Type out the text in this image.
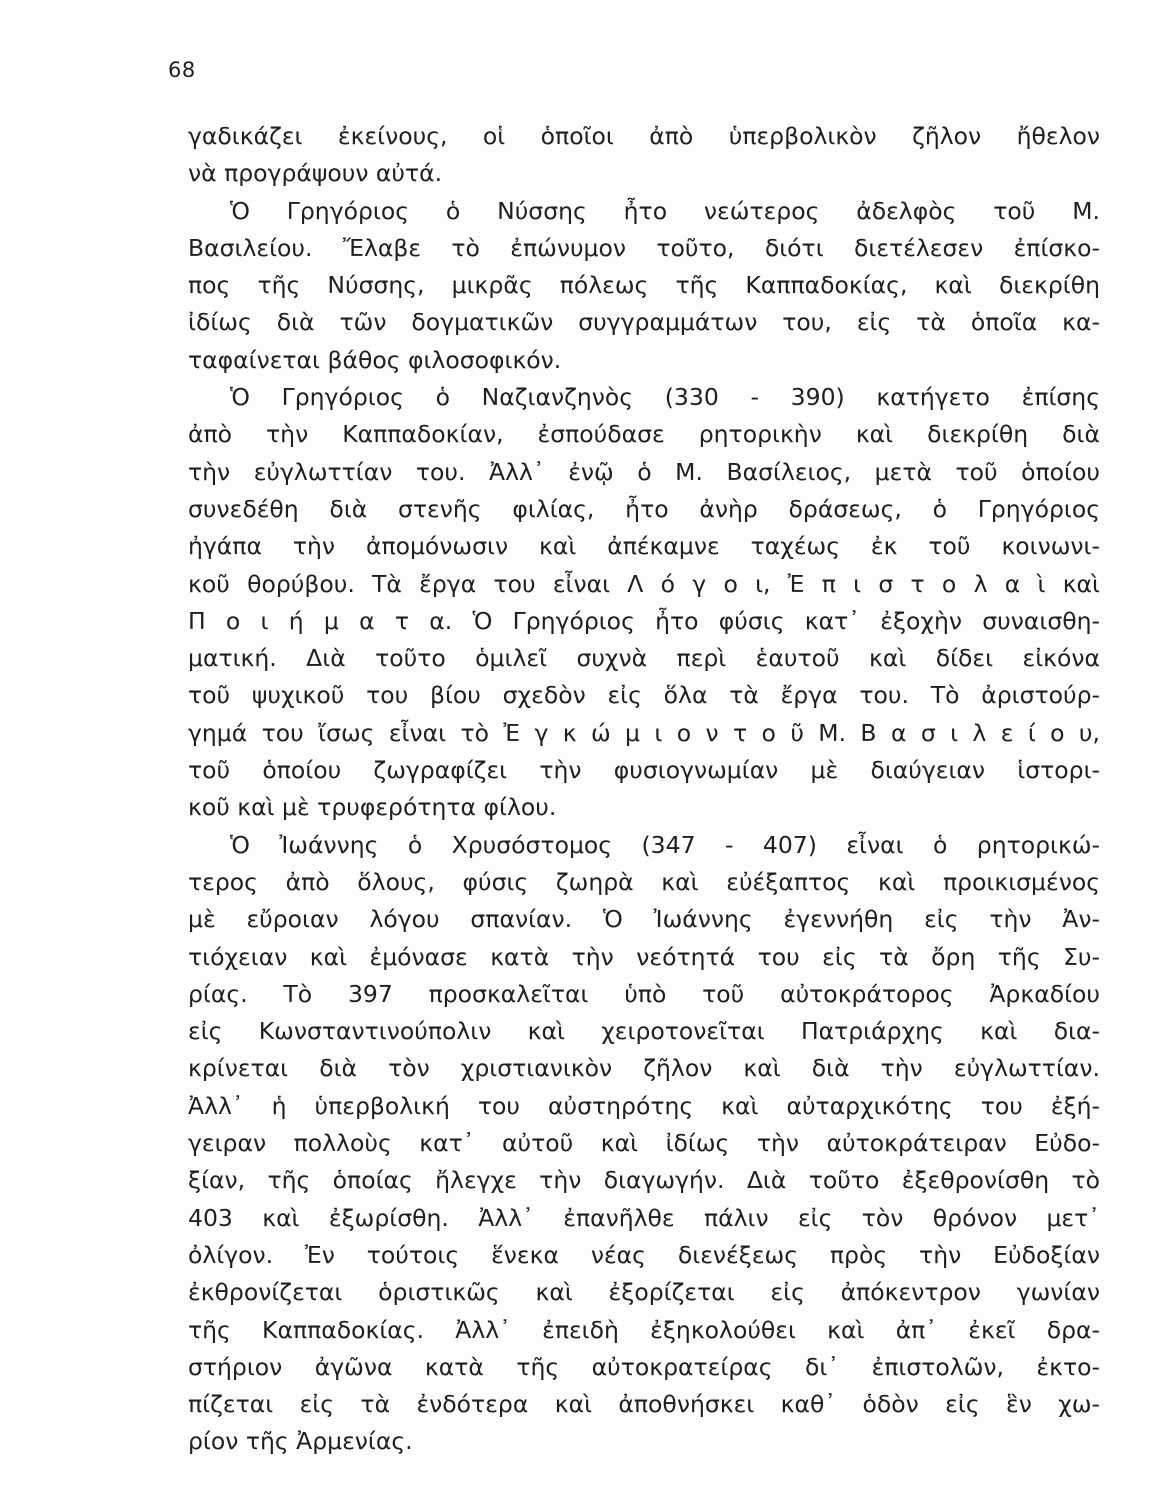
68
γαδικάζει ἐκείνους, οἱ ὁποῖοι ἀπὸ ὑπερβολικὸν ζῆλον ἤθελον
νὰ προγράψουν αὐτά.
Ὁ Γρηγόριος ὁ Νύσσης ἦτο νεώτερος ἀδελφὸς τοῦ Μ.
Βασιλείου. Ἔλαβε τὸ ἐπώνυμον τοῦτο, διότι διετέλεσεν ἐπίσκο-
πος τῆς Νύσσης, μικρᾶς πόλεως τῆς Καππαδοκίας, καὶ διεκρίθη
ἰδίως διὰ τῶν δογματικῶν συγγραμμάτων του, εἰς τὰ ὁποῖα κα-
ταφαίνεται βάθος φιλοσοφικόν.
Ὁ Γρηγόριος ὁ Ναζιανζηνὸς (330 - 390) κατήγετο ἐπίσης
ἀπὸ τὴν Καππαδοκίαν, ἐσπούδασε ρητορικὴν καὶ διεκρίθη διὰ
τὴν εὐγλωττίαν του. Ἀλλ᾽ ἐνῷ ὁ Μ. Βασίλειος, μετὰ τοῦ ὁποίου
συνεδέθη διὰ στενῆς φιλίας, ἦτο ἀνὴρ δράσεως, ὁ Γρηγόριος
ἠγάπα τὴν ἀπομόνωσιν καὶ ἀπέκαμνε ταχέως ἐκ τοῦ κοινωνι-
κοῦ θορύβου. Τὰ ἔργα του εἶναι Λ ό γ ο ι, Ἐ π ι σ τ ο λ α ὶ καὶ
Π ο ι ή μ α τ α. Ὁ Γρηγόριος ἦτο φύσις κατ᾽ ἐξοχὴν συναισθη-
ματική. Διὰ τοῦτο ὁμιλεῖ συχνὰ περὶ ἑαυτοῦ καὶ δίδει εἰκόνα
τοῦ ψυχικοῦ του βίου σχεδὸν εἰς ὅλα τὰ ἔργα του. Τὸ ἀριστούρ-
γημά του ἴσως εἶναι τὸ Ἐ γ κ ώ μ ι ο ν τ ο ῦ Μ. Β α σ ι λ ε ί ο υ,
τοῦ ὁποίου ζωγραφίζει τὴν φυσιογνωμίαν μὲ διαύγειαν ἱστορι-
κοῦ καὶ μὲ τρυφερότητα φίλου.
Ὁ Ἰωάννης ὁ Χρυσόστομος (347 - 407) εἶναι ὁ ρητορικώ-
τερος ἀπὸ ὅλους, φύσις ζωηρὰ καὶ εὐέξαπτος καὶ προικισμένος
μὲ εὔροιαν λόγου σπανίαν. Ὁ Ἰωάννης ἐγεννήθη εἰς τὴν Ἀν-
τιόχειαν καὶ ἐμόνασε κατὰ τὴν νεότητά του εἰς τὰ ὄρη τῆς Συ-
ρίας. Τὸ 397 προσκαλεῖται ὑπὸ τοῦ αὐτοκράτορος Ἀρκαδίου
εἰς Κωνσταντινούπολιν καὶ χειροτονεῖται Πατριάρχης καὶ δια-
κρίνεται διὰ τὸν χριστιανικὸν ζῆλον καὶ διὰ τὴν εὐγλωττίαν.
Ἀλλ᾽ ἡ ὑπερβολική του αὐστηρότης καὶ αὐταρχικότης του ἐξή-
γειραν πολλοὺς κατ᾽ αὐτοῦ καὶ ἰδίως τὴν αὐτοκράτειραν Εὐδο-
ξίαν, τῆς ὁποίας ἤλεγχε τὴν διαγωγήν. Διὰ τοῦτο ἐξεθρονίσθη τὸ
403 καὶ ἐξωρίσθη. Ἀλλ᾽ ἐπανῆλθε πάλιν εἰς τὸν θρόνον μετ᾽
ὀλίγον. Ἐν τούτοις ἕνεκα νέας διενέξεως πρὸς τὴν Εὐδοξίαν
ἐκθρονίζεται ὁριστικῶς καὶ ἐξορίζεται εἰς ἀπόκεντρον γωνίαν
τῆς Καππαδοκίας. Ἀλλ᾽ ἐπειδὴ ἐξηκολούθει καὶ ἀπ᾽ ἐκεῖ δρα-
στήριον ἀγῶνα κατὰ τῆς αὐτοκρατείρας δι᾽ ἐπιστολῶν, ἐκτο-
πίζεται εἰς τὰ ἐνδότερα καὶ ἀποθνήσκει καθ᾽ ὁδὸν εἰς ἓν χω-
ρίον τῆς Ἀρμενίας.
